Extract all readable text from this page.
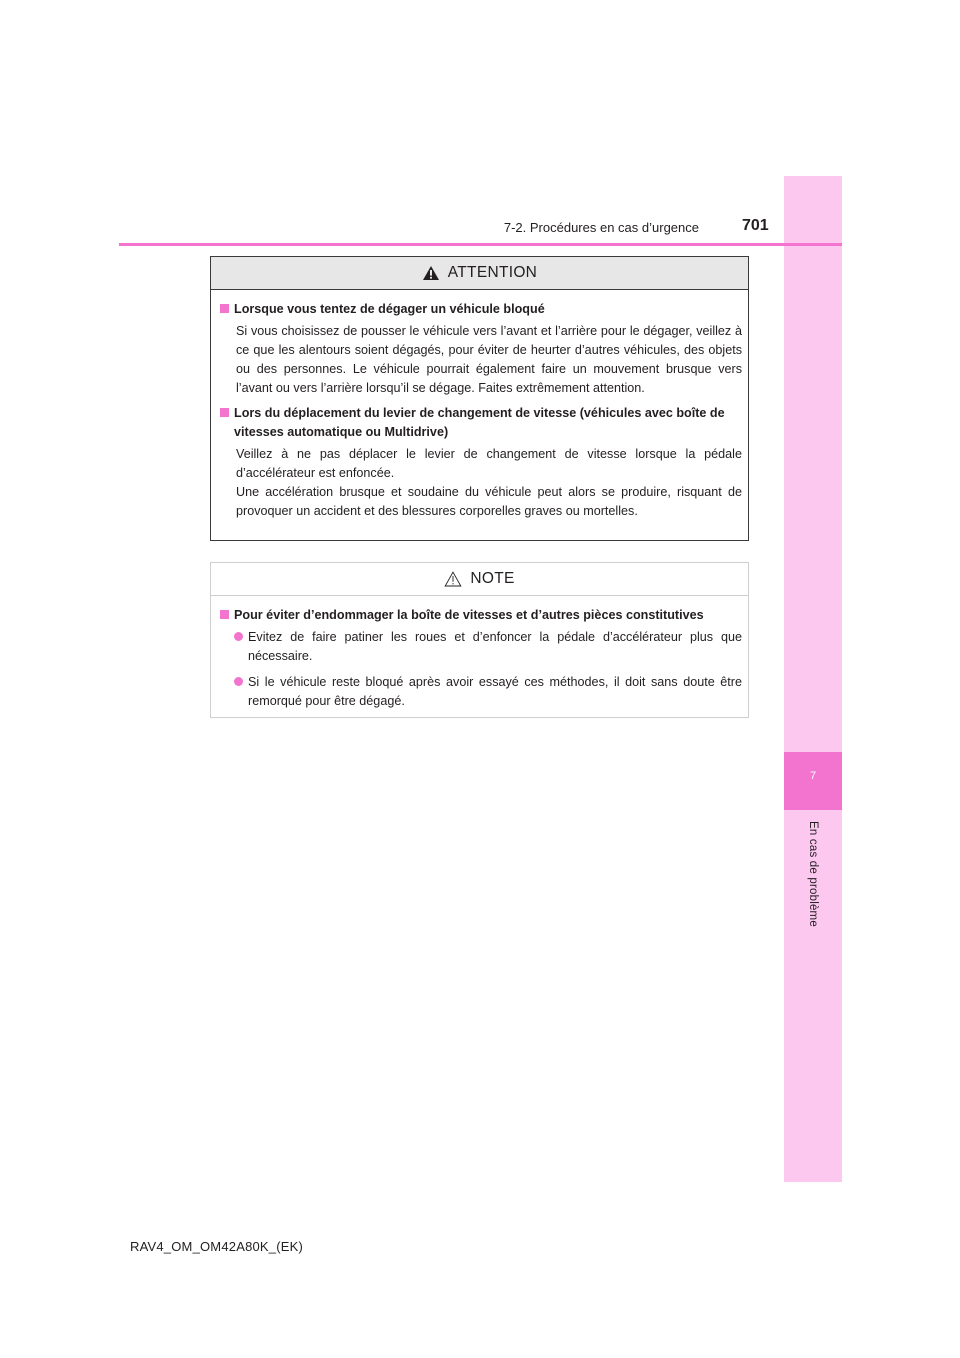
7
En cas de problème
7-2. Procédures en cas d’urgence	701
ATTENTION
Lorsque vous tentez de dégager un véhicule bloqué
Si vous choisissez de pousser le véhicule vers l’avant et l’arrière pour le dégager, veillez à ce que les alentours soient dégagés, pour éviter de heurter d’autres véhicules, des objets ou des personnes. Le véhicule pourrait également faire un mouvement brusque vers l’avant ou vers l’arrière lorsqu’il se dégage. Faites extrêmement attention.
Lors du déplacement du levier de changement de vitesse (véhicules avec boîte de vitesses automatique ou Multidrive)
Veillez à ne pas déplacer le levier de changement de vitesse lorsque la pédale d’accélérateur est enfoncée.
Une accélération brusque et soudaine du véhicule peut alors se produire, risquant de provoquer un accident et des blessures corporelles graves ou mortelles.
NOTE
Pour éviter d’endommager la boîte de vitesses et d’autres pièces constitutives
Evitez de faire patiner les roues et d’enfoncer la pédale d’accélérateur plus que nécessaire.
Si le véhicule reste bloqué après avoir essayé ces méthodes, il doit sans doute être remorqué pour être dégagé.
RAV4_OM_OM42A80K_(EK)
